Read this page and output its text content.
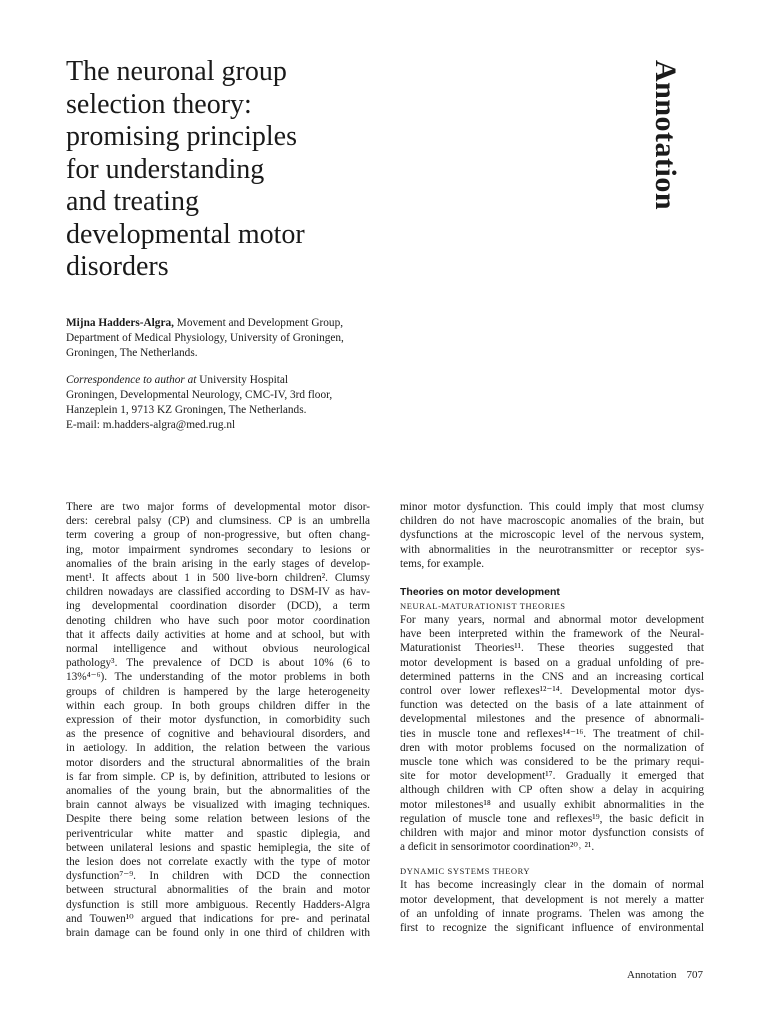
The neuronal group
selection theory:
promising principles
for understanding
and treating
developmental motor
disorders
Annotation
Mijna Hadders-Algra, Movement and Development Group,
Department of Medical Physiology, University of Groningen,
Groningen, The Netherlands.
Correspondence to author at University Hospital
Groningen, Developmental Neurology, CMC-IV, 3rd floor,
Hanzeplein 1, 9713 KZ Groningen, The Netherlands.
E-mail: m.hadders-algra@med.rug.nl
There are two major forms of developmental motor disor-
ders: cerebral palsy (CP) and clumsiness. CP is an umbrella
term covering a group of non-progressive, but often chang-
ing, motor impairment syndromes secondary to lesions or
anomalies of the brain arising in the early stages of develop-
ment¹. It affects about 1 in 500 live-born children². Clumsy
children nowadays are classified according to DSM-IV as hav-
ing developmental coordination disorder (DCD), a term
denoting children who have such poor motor coordination
that it affects daily activities at home and at school, but with
normal intelligence and without obvious neurological
pathology³. The prevalence of DCD is about 10% (6 to
13%⁴⁻⁶). The understanding of the motor problems in both
groups of children is hampered by the large heterogeneity
within each group. In both groups children differ in the
expression of their motor dysfunction, in comorbidity such
as the presence of cognitive and behavioural disorders, and
in aetiology. In addition, the relation between the various
motor disorders and the structural abnormalities of the brain
is far from simple. CP is, by definition, attributed to lesions or
anomalies of the young brain, but the abnormalities of the
brain cannot always be visualized with imaging techniques.
Despite there being some relation between lesions of the
periventricular white matter and spastic diplegia, and
between unilateral lesions and spastic hemiplegia, the site of
the lesion does not correlate exactly with the type of motor
dysfunction⁷⁻⁹. In children with DCD the connection
between structural abnormalities of the brain and motor
dysfunction is still more ambiguous. Recently Hadders-Algra
and Touwen¹⁰ argued that indications for pre- and perinatal
brain damage can be found only in one third of children with
minor motor dysfunction. This could imply that most clumsy
children do not have macroscopic anomalies of the brain, but
dysfunctions at the microscopic level of the nervous system,
with abnormalities in the neurotransmitter or receptor sys-
tems, for example.
Theories on motor development
NEURAL-MATURATIONIST THEORIES
For many years, normal and abnormal motor development
have been interpreted within the framework of the Neural-
Maturationist Theories¹¹. These theories suggested that
motor development is based on a gradual unfolding of pre-
determined patterns in the CNS and an increasing cortical
control over lower reflexes¹²⁻¹⁴. Developmental motor dys-
function was detected on the basis of a late attainment of
developmental milestones and the presence of abnormali-
ties in muscle tone and reflexes¹⁴⁻¹⁶. The treatment of chil-
dren with motor problems focused on the normalization of
muscle tone which was considered to be the primary requi-
site for motor development¹⁷. Gradually it emerged that
although children with CP often show a delay in acquiring
motor milestones¹⁸ and usually exhibit abnormalities in the
regulation of muscle tone and reflexes¹⁹, the basic deficit in
children with major and minor motor dysfunction consists of
a deficit in sensorimotor coordination²⁰˒ ²¹.
DYNAMIC SYSTEMS THEORY
It has become increasingly clear in the domain of normal
motor development, that development is not merely a matter
of an unfolding of innate programs. Thelen was among the
first to recognize the significant influence of environmental
Annotation 707
